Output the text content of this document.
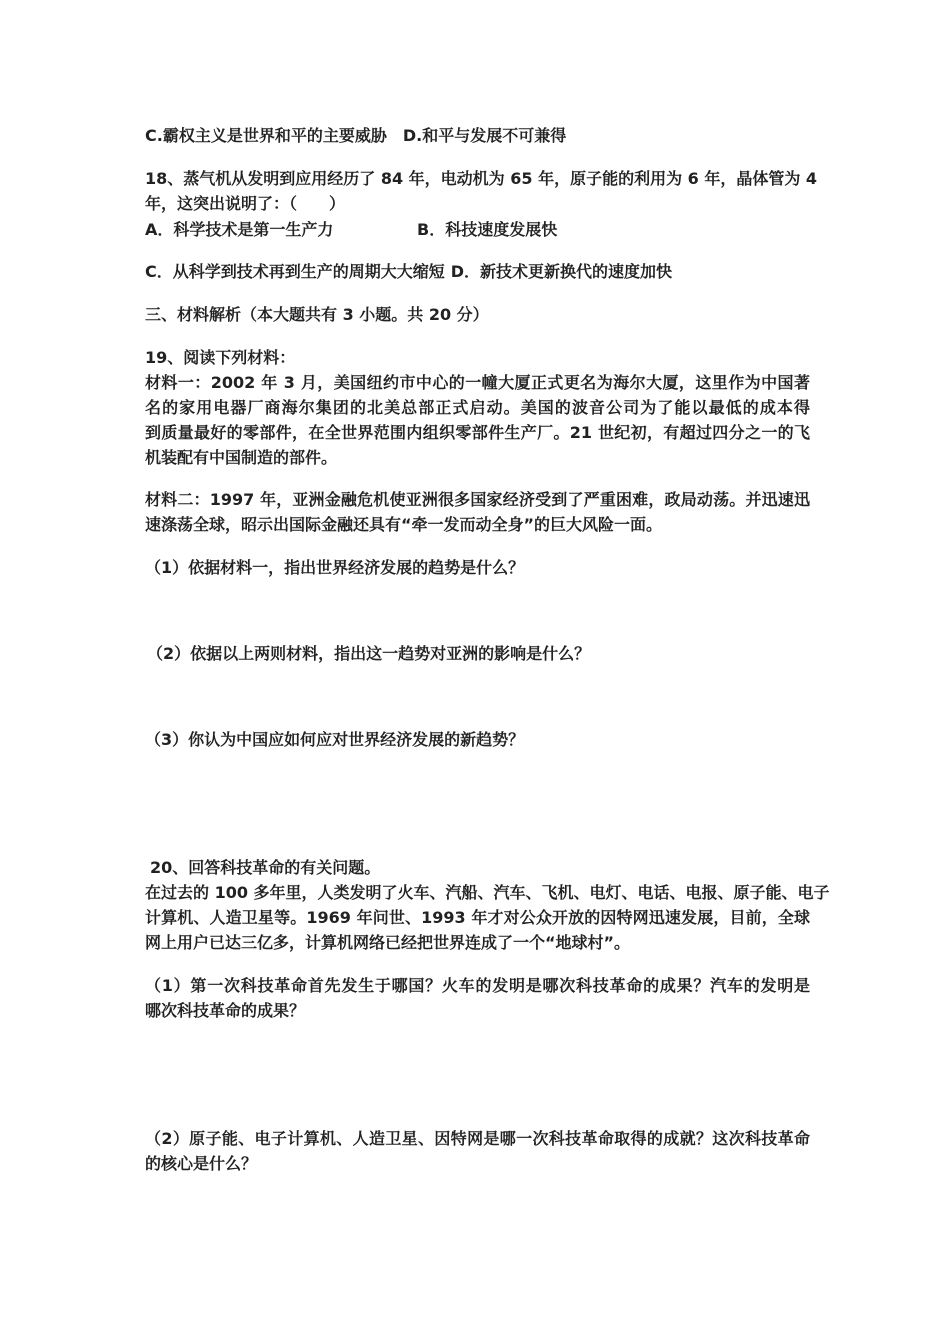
C.霸权主义是世界和平的主要威胁 D.和平与发展不可兼得
18、蒸气机从发明到应用经历了 84 年，电动机为 65 年，原子能的利用为 6 年，晶体管为 4
年，这突出说明了：（　　）
A．科学技术是第一生产力	B．科技速度发展快
C．从科学到技术再到生产的周期大大缩短 D．新技术更新换代的速度加快
三、材料解析（本大题共有 3 小题。共 20 分）
19、阅读下列材料：
材料一：2002 年 3 月，美国纽约市中心的一幢大厦正式更名为海尔大厦，这里作为中国著
名的家用电器厂商海尔集团的北美总部正式启动。美国的波音公司为了能以最低的成本得
到质量最好的零部件，在全世界范围内组织零部件生产厂。21 世纪初，有超过四分之一的飞
机装配有中国制造的部件。
材料二：1997 年，亚洲金融危机使亚洲很多国家经济受到了严重困难，政局动荡。并迅速迅
速涤荡全球，昭示出国际金融还具有“牵一发而动全身”的巨大风险一面。
（1）依据材料一，指出世界经济发展的趋势是什么？
（2）依据以上两则材料，指出这一趋势对亚洲的影响是什么？
（3）你认为中国应如何应对世界经济发展的新趋势？
20、回答科技革命的有关问题。
在过去的 100 多年里，人类发明了火车、汽船、汽车、飞机、电灯、电话、电报、原子能、电子
计算机、人造卫星等。1969 年问世、1993 年才对公众开放的因特网迅速发展，目前，全球
网上用户已达三亿多，计算机网络已经把世界连成了一个“地球村”。
（1）第一次科技革命首先发生于哪国？火车的发明是哪次科技革命的成果？汽车的发明是
哪次科技革命的成果？
（2）原子能、电子计算机、人造卫星、因特网是哪一次科技革命取得的成就？这次科技革命
的核心是什么？
